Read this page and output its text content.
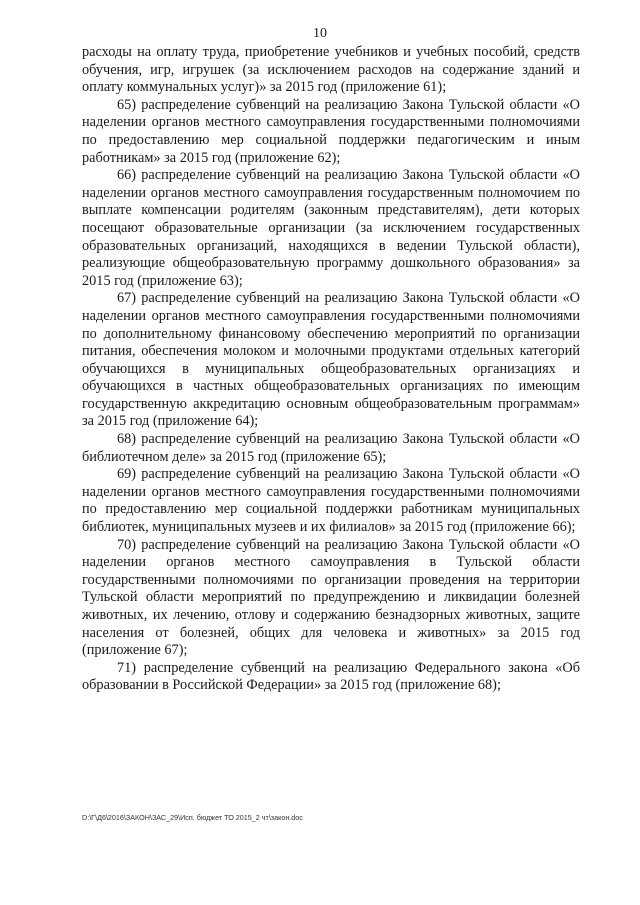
10

расходы на оплату труда, приобретение учебников и учебных пособий, средств обучения, игр, игрушек (за исключением расходов на содержание зданий и оплату коммунальных услуг)» за 2015 год (приложение 61);

65) распределение субвенций на реализацию Закона Тульской области «О наделении органов местного самоуправления государственными полномочиями по предоставлению мер социальной поддержки педагогическим и иным работникам» за 2015 год (приложение 62);

66) распределение субвенций на реализацию Закона Тульской области «О наделении органов местного самоуправления государственным полномочием по выплате компенсации родителям (законным представителям), дети которых посещают образовательные организации (за исключением государственных образовательных организаций, находящихся в ведении Тульской области), реализующие общеобразовательную программу дошкольного образования» за 2015 год (приложение 63);

67) распределение субвенций на реализацию Закона Тульской области «О наделении органов местного самоуправления государственными полномочиями по дополнительному финансовому обеспечению мероприятий по организации питания, обеспечения молоком и молочными продуктами отдельных категорий обучающихся в муниципальных общеобразовательных организациях и обучающихся в частных общеобразовательных организациях по имеющим государственную аккредитацию основным общеобразовательным программам» за 2015 год (приложение 64);

68) распределение субвенций на реализацию Закона Тульской области «О библиотечном деле» за 2015 год (приложение 65);

69) распределение субвенций на реализацию Закона Тульской области «О наделении органов местного самоуправления государственными полномочиями по предоставлению мер социальной поддержки работникам муниципальных библиотек, муниципальных музеев и их филиалов» за 2015 год (приложение 66);

70) распределение субвенций на реализацию Закона Тульской области «О наделении органов местного самоуправления в Тульской области государственными полномочиями по организации проведения на территории Тульской области мероприятий по предупреждению и ликвидации болезней животных, их лечению, отлову и содержанию безнадзорных животных, защите населения от болезней, общих для человека и животных» за 2015 год (приложение 67);

71) распределение субвенций на реализацию Федерального закона «Об образовании в Российской Федерации» за 2015 год (приложение 68);

D:\Г\Д6\2016\ЗАКОН\ЗАС_29\Исп. бюджет ТО 2015_2 чт\закон.doc
